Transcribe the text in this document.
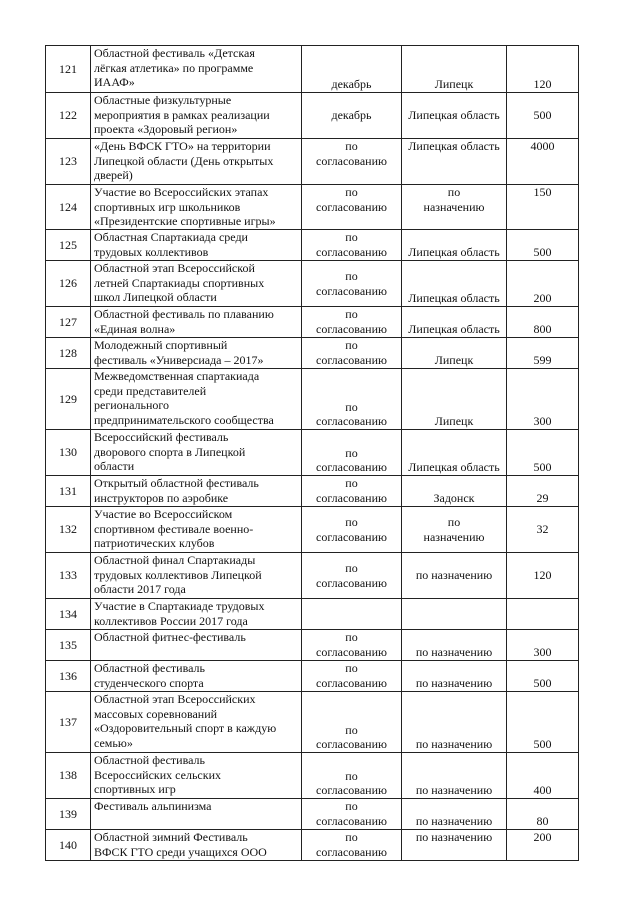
121	Областной фестиваль «Детская
лёгкая атлетика» по программе
ИААФ»	декабрь	Липецк	120
122	Областные физкультурные
мероприятия в рамках реализации
проекта «Здоровый регион»	декабрь	Липецкая область	500
123	«День ВФСК ГТО» на территории
Липецкой области (День открытых
дверей)	по
согласованию	Липецкая область	4000
124	Участие во Всероссийских этапах
спортивных игр школьников
«Президентские спортивные игры»	по
согласованию	по
назначению	150
125	Областная Спартакиада среди
трудовых коллективов	по
согласованию	Липецкая область	500
126	Областной этап Всероссийской
летней Спартакиады спортивных
школ Липецкой области	по
согласованию	Липецкая область	200
127	Областной фестиваль по плаванию
«Единая волна»	по
согласованию	Липецкая область	800
128	Молодежный спортивный
фестиваль «Универсиада – 2017»	по
согласованию	Липецк	599
129	Межведомственная спартакиада
среди представителей
регионального
предпринимательского сообщества	по
согласованию	Липецк	300
130	Всероссийский фестиваль
дворового спорта в Липецкой
области	по
согласованию	Липецкая область	500
131	Открытый областной фестиваль
инструкторов по аэробике	по
согласованию	Задонск	29
132	Участие во Всероссийском
спортивном фестивале военно-
патриотических клубов	по
согласованию	по
назначению	32
133	Областной финал Спартакиады
трудовых коллективов Липецкой
области 2017 года	по
согласованию	по назначению	120
134	Участие в Спартакиаде трудовых
коллективов России 2017 года			
135	Областной фитнес-фестиваль	по
согласованию	по назначению	300
136	Областной фестиваль
студенческого спорта	по
согласованию	по назначению	500
137	Областной этап Всероссийских
массовых соревнований
«Оздоровительный спорт в каждую
семью»	по
согласованию	по назначению	500
138	Областной фестиваль
Всероссийских сельских
спортивных игр	по
согласованию	по назначению	400
139	Фестиваль альпинизма	по
согласованию	по назначению	80
140	Областной зимний Фестиваль
ВФСК ГТО среди учащихся ООО	по
согласованию	по назначению	200
